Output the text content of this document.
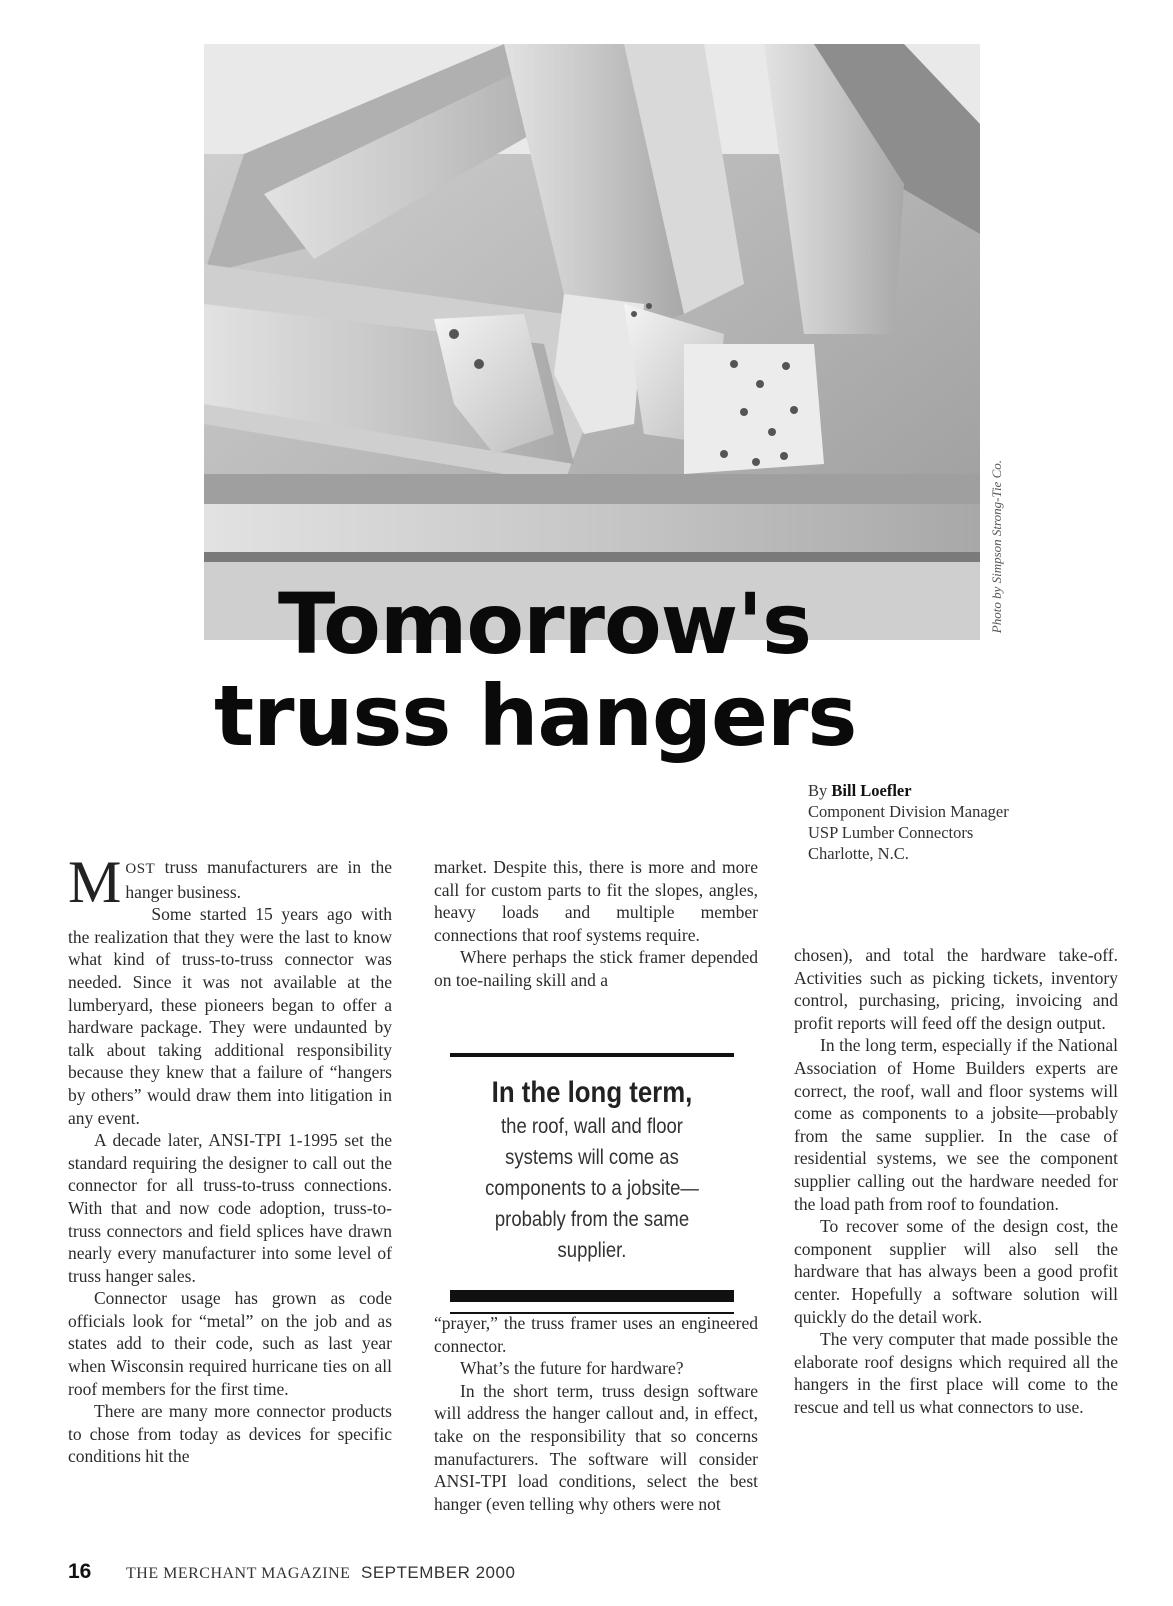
Photo by Simpson Strong-Tie Co.
Tomorrow's
truss hangers
By Bill Loefler
Component Division Manager
USP Lumber Connectors
Charlotte, N.C.

MOST truss manufacturers are in the hanger business.

Some started 15 years ago with the realization that they were the last to know what kind of truss-to-truss connector was needed. Since it was not available at the lumberyard, these pioneers began to offer a hardware package. They were undaunted by talk about taking additional responsibility because they knew that a failure of “hangers by others” would draw them into litigation in any event.

A decade later, ANSI-TPI 1-1995 set the standard requiring the designer to call out the connector for all truss-to-truss connections. With that and now code adoption, truss-to-truss connectors and field splices have drawn nearly every manufacturer into some level of truss hanger sales.

Connector usage has grown as code officials look for “metal” on the job and as states add to their code, such as last year when Wisconsin required hurricane ties on all roof members for the first time.

There are many more connector products to chose from today as devices for specific conditions hit the

market. Despite this, there is more and more call for custom parts to fit the slopes, angles, heavy loads and multiple member connections that roof systems require.

Where perhaps the stick framer depended on toe-nailing skill and a

In the long term,
the roof, wall and floor systems will come as components to a jobsite—probably from the same supplier.

“prayer,” the truss framer uses an engineered connector.

What’s the future for hardware?

In the short term, truss design software will address the hanger callout and, in effect, take on the responsibility that so concerns manufacturers. The software will consider ANSI-TPI load conditions, select the best hanger (even telling why others were not

chosen), and total the hardware take-off. Activities such as picking tickets, inventory control, purchasing, pricing, invoicing and profit reports will feed off the design output.

In the long term, especially if the National Association of Home Builders experts are correct, the roof, wall and floor systems will come as components to a jobsite—probably from the same supplier. In the case of residential systems, we see the component supplier calling out the hardware needed for the load path from roof to foundation.

To recover some of the design cost, the component supplier will also sell the hardware that has always been a good profit center. Hopefully a software solution will quickly do the detail work.

The very computer that made possible the elaborate roof designs which required all the hangers in the first place will come to the rescue and tell us what connectors to use.

16	THE MERCHANT MAGAZINE SEPTEMBER 2000
